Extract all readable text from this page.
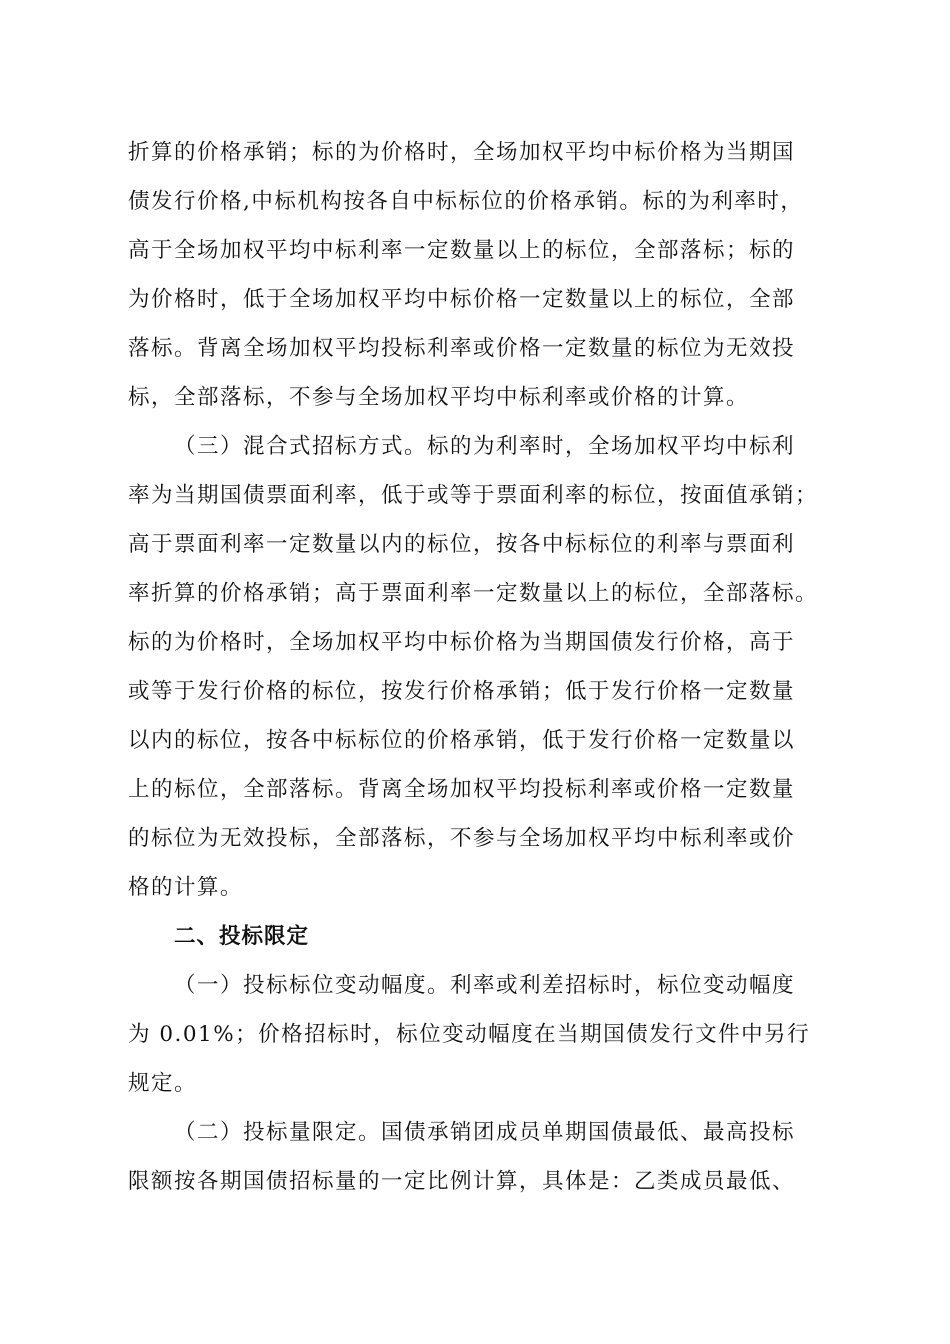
折算的价格承销；标的为价格时，全场加权平均中标价格为当期国
债发行价格,中标机构按各自中标标位的价格承销。标的为利率时，
高于全场加权平均中标利率一定数量以上的标位，全部落标；标的
为价格时，低于全场加权平均中标价格一定数量以上的标位，全部
落标。背离全场加权平均投标利率或价格一定数量的标位为无效投
标，全部落标，不参与全场加权平均中标利率或价格的计算。
（三）混合式招标方式。标的为利率时，全场加权平均中标利
率为当期国债票面利率，低于或等于票面利率的标位，按面值承销；
高于票面利率一定数量以内的标位，按各中标标位的利率与票面利
率折算的价格承销；高于票面利率一定数量以上的标位，全部落标。
标的为价格时，全场加权平均中标价格为当期国债发行价格，高于
或等于发行价格的标位，按发行价格承销；低于发行价格一定数量
以内的标位，按各中标标位的价格承销，低于发行价格一定数量以
上的标位，全部落标。背离全场加权平均投标利率或价格一定数量
的标位为无效投标，全部落标，不参与全场加权平均中标利率或价
格的计算。
二、投标限定
（一）投标标位变动幅度。利率或利差招标时，标位变动幅度
为 0.01%；价格招标时，标位变动幅度在当期国债发行文件中另行
规定。
（二）投标量限定。国债承销团成员单期国债最低、最高投标
限额按各期国债招标量的一定比例计算，具体是：乙类成员最低、
